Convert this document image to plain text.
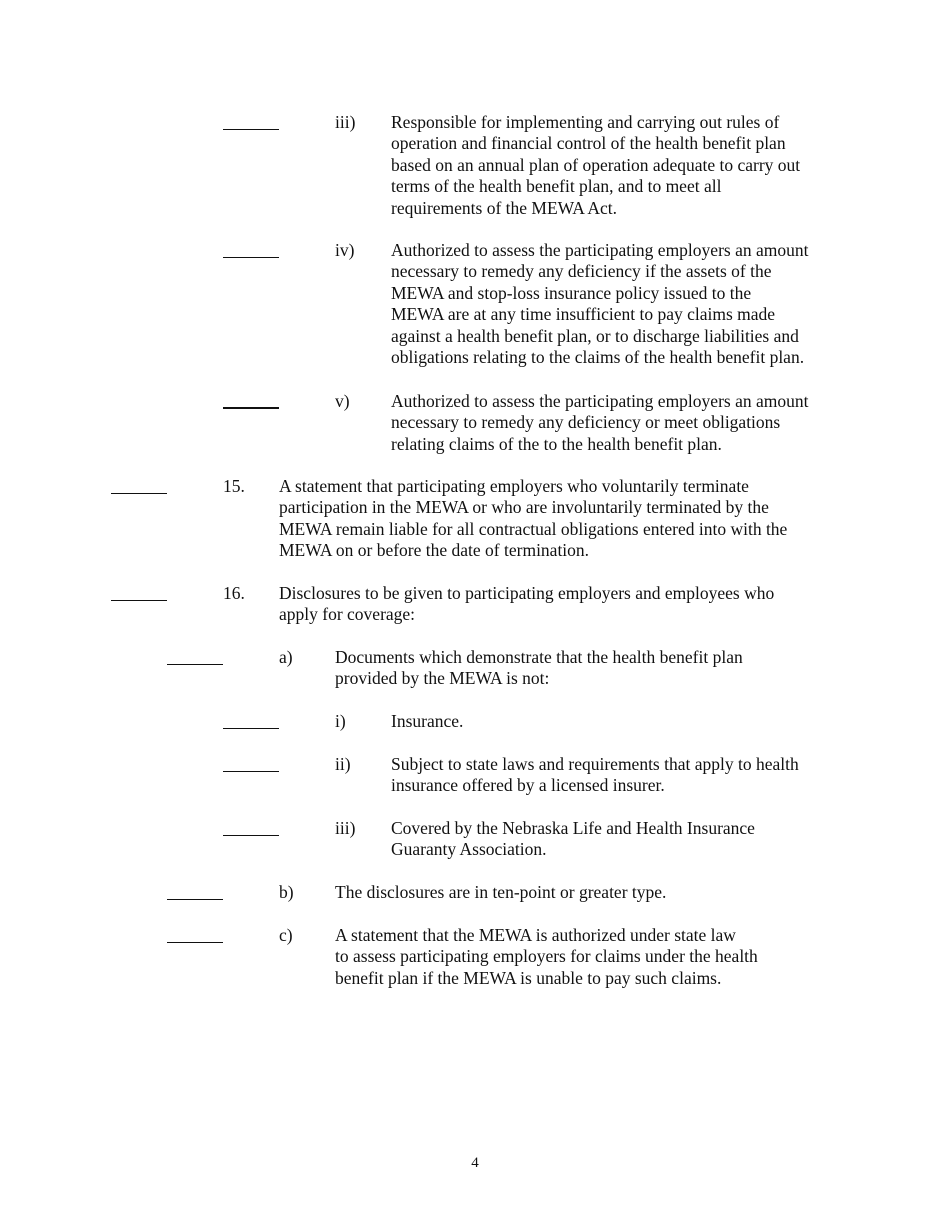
iii) Responsible for implementing and carrying out rules of
operation and financial control of the health benefit plan
based on an annual plan of operation adequate to carry out
terms of the health benefit plan, and to meet all
requirements of the MEWA Act.
iv) Authorized to assess the participating employers an amount
necessary to remedy any deficiency if the assets of the
MEWA and stop-loss insurance policy issued to the
MEWA are at any time insufficient to pay claims made
against a health benefit plan, or to discharge liabilities and
obligations relating to the claims of the health benefit plan.
v) Authorized to assess the participating employers an amount
necessary to remedy any deficiency or meet obligations
relating claims of the to the health benefit plan.
15. A statement that participating employers who voluntarily terminate
participation in the MEWA or who are involuntarily terminated by the
MEWA remain liable for all contractual obligations entered into with the
MEWA on or before the date of termination.
16. Disclosures to be given to participating employers and employees who
apply for coverage:
a) Documents which demonstrate that the health benefit plan
provided by the MEWA is not:
i)	Insurance.
ii) Subject to state laws and requirements that apply to health
insurance offered by a licensed insurer.
iii) Covered by the Nebraska Life and Health Insurance
Guaranty Association.
b) The disclosures are in ten-point or greater type.
c) A statement that the MEWA is authorized under state law
to assess participating employers for claims under the health
benefit plan if the MEWA is unable to pay such claims.
4
